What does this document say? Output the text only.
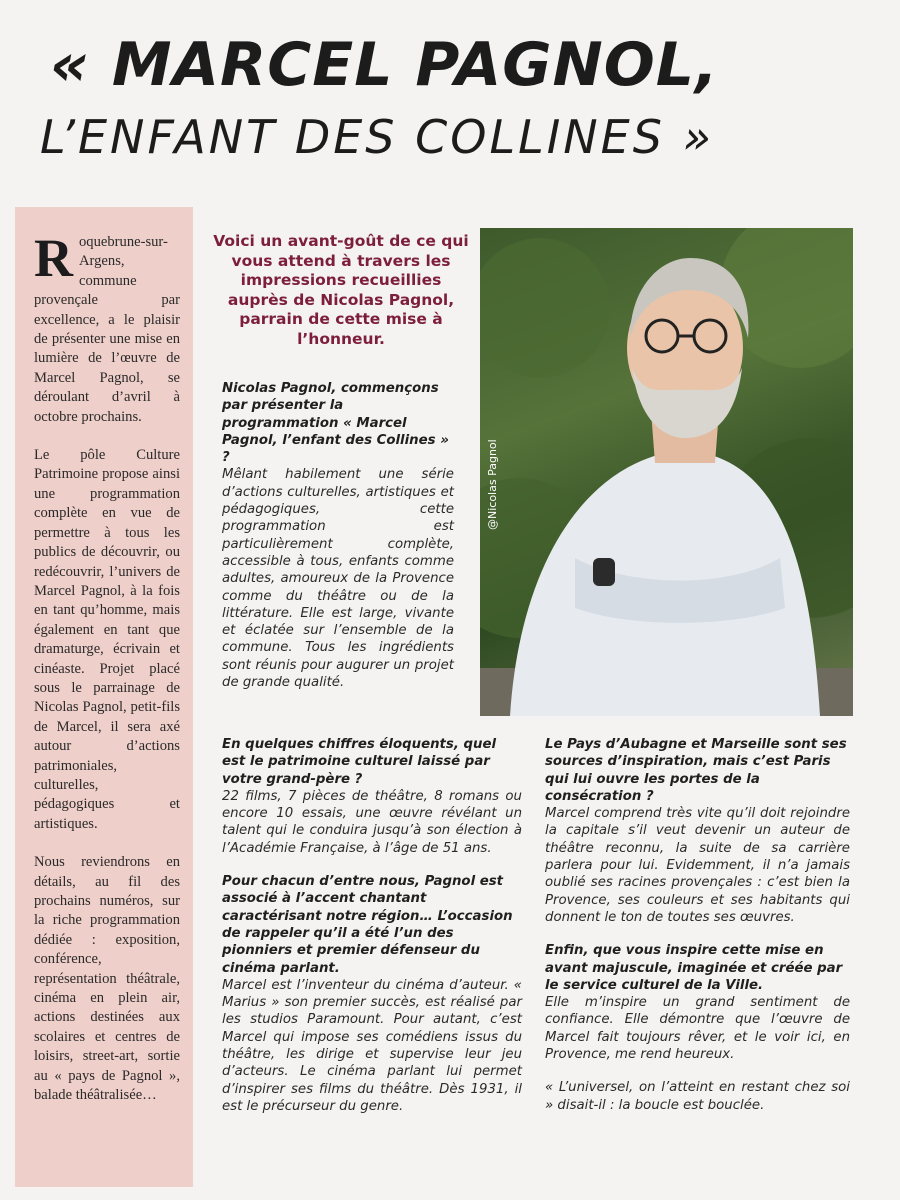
« MARCEL PAGNOL,
L’ENFANT DES COLLINES »

Roquebrune-sur-Argens, commune provençale par excellence, a le plaisir de présenter une mise en lumière de l’œuvre de Marcel Pagnol, se déroulant d’avril à octobre prochains.

Le pôle Culture Patrimoine propose ainsi une programmation complète en vue de permettre à tous les publics de découvrir, ou redécouvrir, l’univers de Marcel Pagnol, à la fois en tant qu’homme, mais également en tant que dramaturge, écrivain et cinéaste. Projet placé sous le parrainage de Nicolas Pagnol, petit-fils de Marcel, il sera axé autour d’actions patrimoniales, culturelles, pédagogiques et artistiques.

Nous reviendrons en détails, au fil des prochains numéros, sur la riche programmation dédiée : exposition, conférence, représentation théâtrale, cinéma en plein air, actions destinées aux scolaires et centres de loisirs, street-art, sortie au « pays de Pagnol », balade théâtralisée…

Voici un avant-goût de ce qui vous attend à travers les impressions recueillies auprès de Nicolas Pagnol, parrain de cette mise à l’honneur.
@Nicolas Pagnol

Nicolas Pagnol, commençons par présenter la programmation « Marcel Pagnol, l’enfant des Collines » ?

Mêlant habilement une série d’actions culturelles, artistiques et pédagogiques, cette programmation est particulièrement complète, accessible à tous, enfants comme adultes, amoureux de la Provence comme du théâtre ou de la littérature. Elle est large, vivante et éclatée sur l’ensemble de la commune. Tous les ingrédients sont réunis pour augurer un projet de grande qualité.

En quelques chiffres éloquents, quel est le patrimoine culturel laissé par votre grand-père ?

22 films, 7 pièces de théâtre, 8 romans ou encore 10 essais, une œuvre révélant un talent qui le conduira jusqu’à son élection à l’Académie Française, à l’âge de 51 ans.

Pour chacun d’entre nous, Pagnol est associé à l’accent chantant caractérisant notre région… L’occasion de rappeler qu’il a été l’un des pionniers et premier défenseur du cinéma parlant.

Marcel est l’inventeur du cinéma d’auteur. « Marius » son premier succès, est réalisé par les studios Paramount. Pour autant, c’est Marcel qui impose ses comédiens issus du théâtre, les dirige et supervise leur jeu d’acteurs. Le cinéma parlant lui permet d’inspirer ses films du théâtre. Dès 1931, il est le précurseur du genre.

Le Pays d’Aubagne et Marseille sont ses sources d’inspiration, mais c’est Paris qui lui ouvre les portes de la consécration ?

Marcel comprend très vite qu’il doit rejoindre la capitale s’il veut devenir un auteur de théâtre reconnu, la suite de sa carrière parlera pour lui. Evidemment, il n’a jamais oublié ses racines provençales : c’est bien la Provence, ses couleurs et ses habitants qui donnent le ton de toutes ses œuvres.

Enfin, que vous inspire cette mise en avant majuscule, imaginée et créée par le service culturel de la Ville.

Elle m’inspire un grand sentiment de confiance. Elle démontre que l’œuvre de Marcel fait toujours rêver, et le voir ici, en Provence, me rend heureux.

« L’universel, on l’atteint en restant chez soi » disait-il : la boucle est bouclée.
